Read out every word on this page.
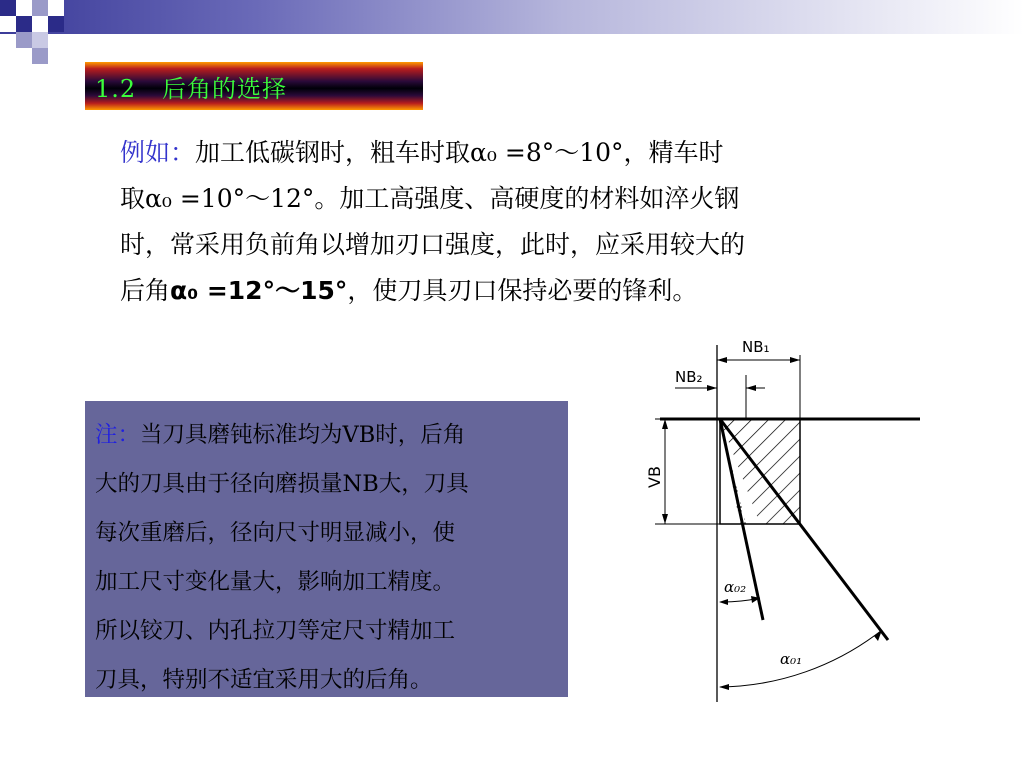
1.2   后角的选择
例如：加工低碳钢时，粗车时取α₀ =8°～10°，精车时
取α₀ =10°～12°。加工高强度、高硬度的材料如淬火钢
时，常采用负前角以增加刃口强度，此时，应采用较大的
后角α₀ =12°～15°，使刀具刃口保持必要的锋利。
注：当刀具磨钝标准均为VB时，后角
大的刀具由于径向磨损量NB大，刀具
每次重磨后，径向尺寸明显减小，使
加工尺寸变化量大，影响加工精度。
所以铰刀、内孔拉刀等定尺寸精加工
刀具，特别不适宜采用大的后角。
NB₁
NB₂
VB
α₀₂
α₀₁
